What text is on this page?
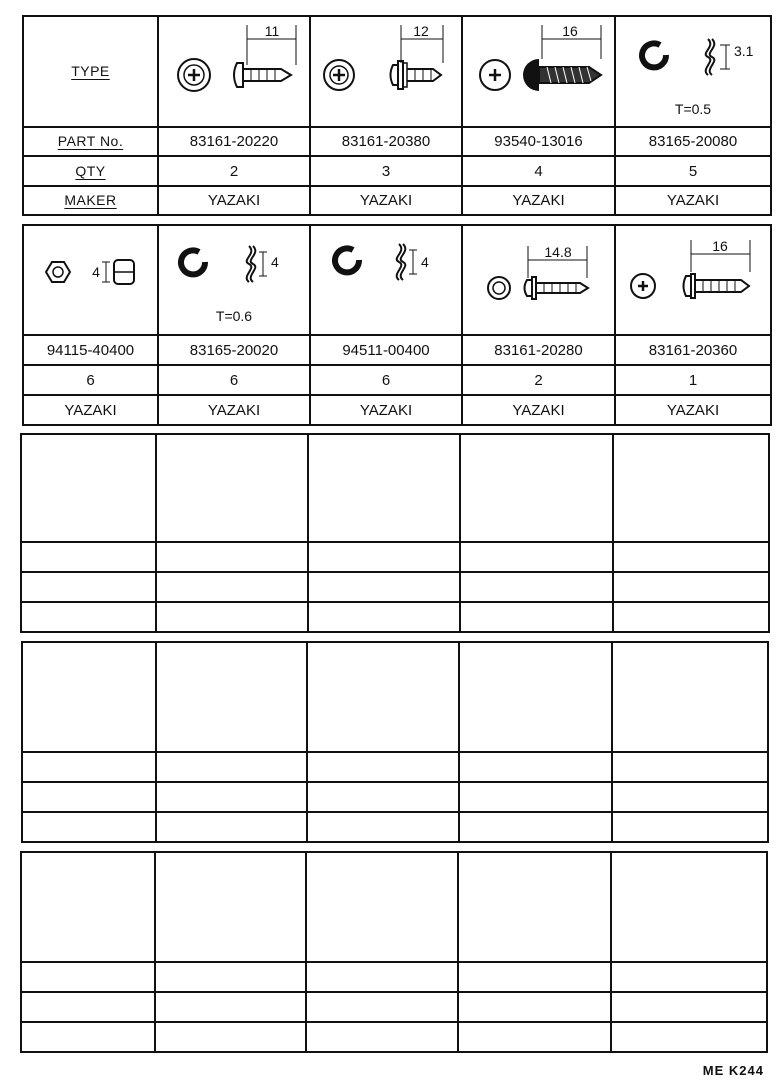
TYPE	11	12	16	3.1
T=0.5

PART No.	83161-20220	83161-20380	93540-13016	83165-20080
QTY	2	3	4	5
MAKER	YAZAKI	YAZAKI	YAZAKI	YAZAKI
4	4
T=0.6	4	14.8	16

94115-40400	83165-20020	94511-00400	83161-20280	83161-20360
6	6	6	2	1
YAZAKI	YAZAKI	YAZAKI	YAZAKI	YAZAKI

ME K244
